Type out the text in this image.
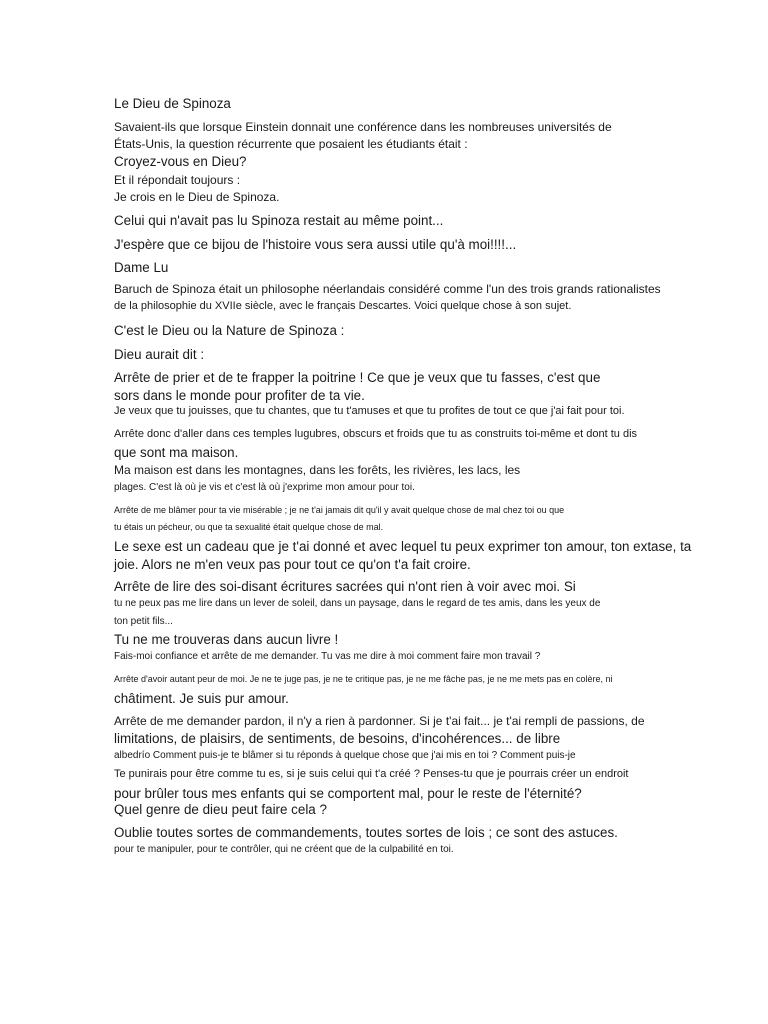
Le Dieu de Spinoza
Savaient-ils que lorsque Einstein donnait une conférence dans les nombreuses universités de
États-Unis, la question récurrente que posaient les étudiants était :
Croyez-vous en Dieu?
Et il répondait toujours :
Je crois en le Dieu de Spinoza.
Celui qui n'avait pas lu Spinoza restait au même point...
J'espère que ce bijou de l'histoire vous sera aussi utile qu'à moi!!!!...
Dame Lu
Baruch de Spinoza était un philosophe néerlandais considéré comme l'un des trois grands rationalistes
de la philosophie du XVIIe siècle, avec le français Descartes. Voici quelque chose à son sujet.
C'est le Dieu ou la Nature de Spinoza :
Dieu aurait dit :
Arrête de prier et de te frapper la poitrine ! Ce que je veux que tu fasses, c'est que
sors dans le monde pour profiter de ta vie.
Je veux que tu jouisses, que tu chantes, que tu t'amuses et que tu profites de tout ce que j'ai fait pour toi.
Arrête donc d'aller dans ces temples lugubres, obscurs et froids que tu as construits toi-même et dont tu dis
que sont ma maison.
Ma maison est dans les montagnes, dans les forêts, les rivières, les lacs, les
plages. C'est là où je vis et c'est là où j'exprime mon amour pour toi.
Arrête de me blâmer pour ta vie misérable ; je ne t'ai jamais dit qu'il y avait quelque chose de mal chez toi ou que
tu étais un pécheur, ou que ta sexualité était quelque chose de mal.
Le sexe est un cadeau que je t'ai donné et avec lequel tu peux exprimer ton amour, ton extase, ta
joie. Alors ne m'en veux pas pour tout ce qu'on t'a fait croire.
Arrête de lire des soi-disant écritures sacrées qui n'ont rien à voir avec moi. Si
tu ne peux pas me lire dans un lever de soleil, dans un paysage, dans le regard de tes amis, dans les yeux de
ton petit fils...
Tu ne me trouveras dans aucun livre !
Fais-moi confiance et arrête de me demander. Tu vas me dire à moi comment faire mon travail ?
Arrête d'avoir autant peur de moi. Je ne te juge pas, je ne te critique pas, je ne me fâche pas, je ne me mets pas en colère, ni
châtiment. Je suis pur amour.
Arrête de me demander pardon, il n'y a rien à pardonner. Si je t'ai fait... je t'ai rempli de passions, de
limitations, de plaisirs, de sentiments, de besoins, d'incohérences... de libre
albedrío Comment puis-je te blâmer si tu réponds à quelque chose que j'ai mis en toi ? Comment puis-je
Te punirais pour être comme tu es, si je suis celui qui t'a créé ? Penses-tu que je pourrais créer un endroit
pour brûler tous mes enfants qui se comportent mal, pour le reste de l'éternité?
Quel genre de dieu peut faire cela ?
Oublie toutes sortes de commandements, toutes sortes de lois ; ce sont des astuces.
pour te manipuler, pour te contrôler, qui ne créent que de la culpabilité en toi.
